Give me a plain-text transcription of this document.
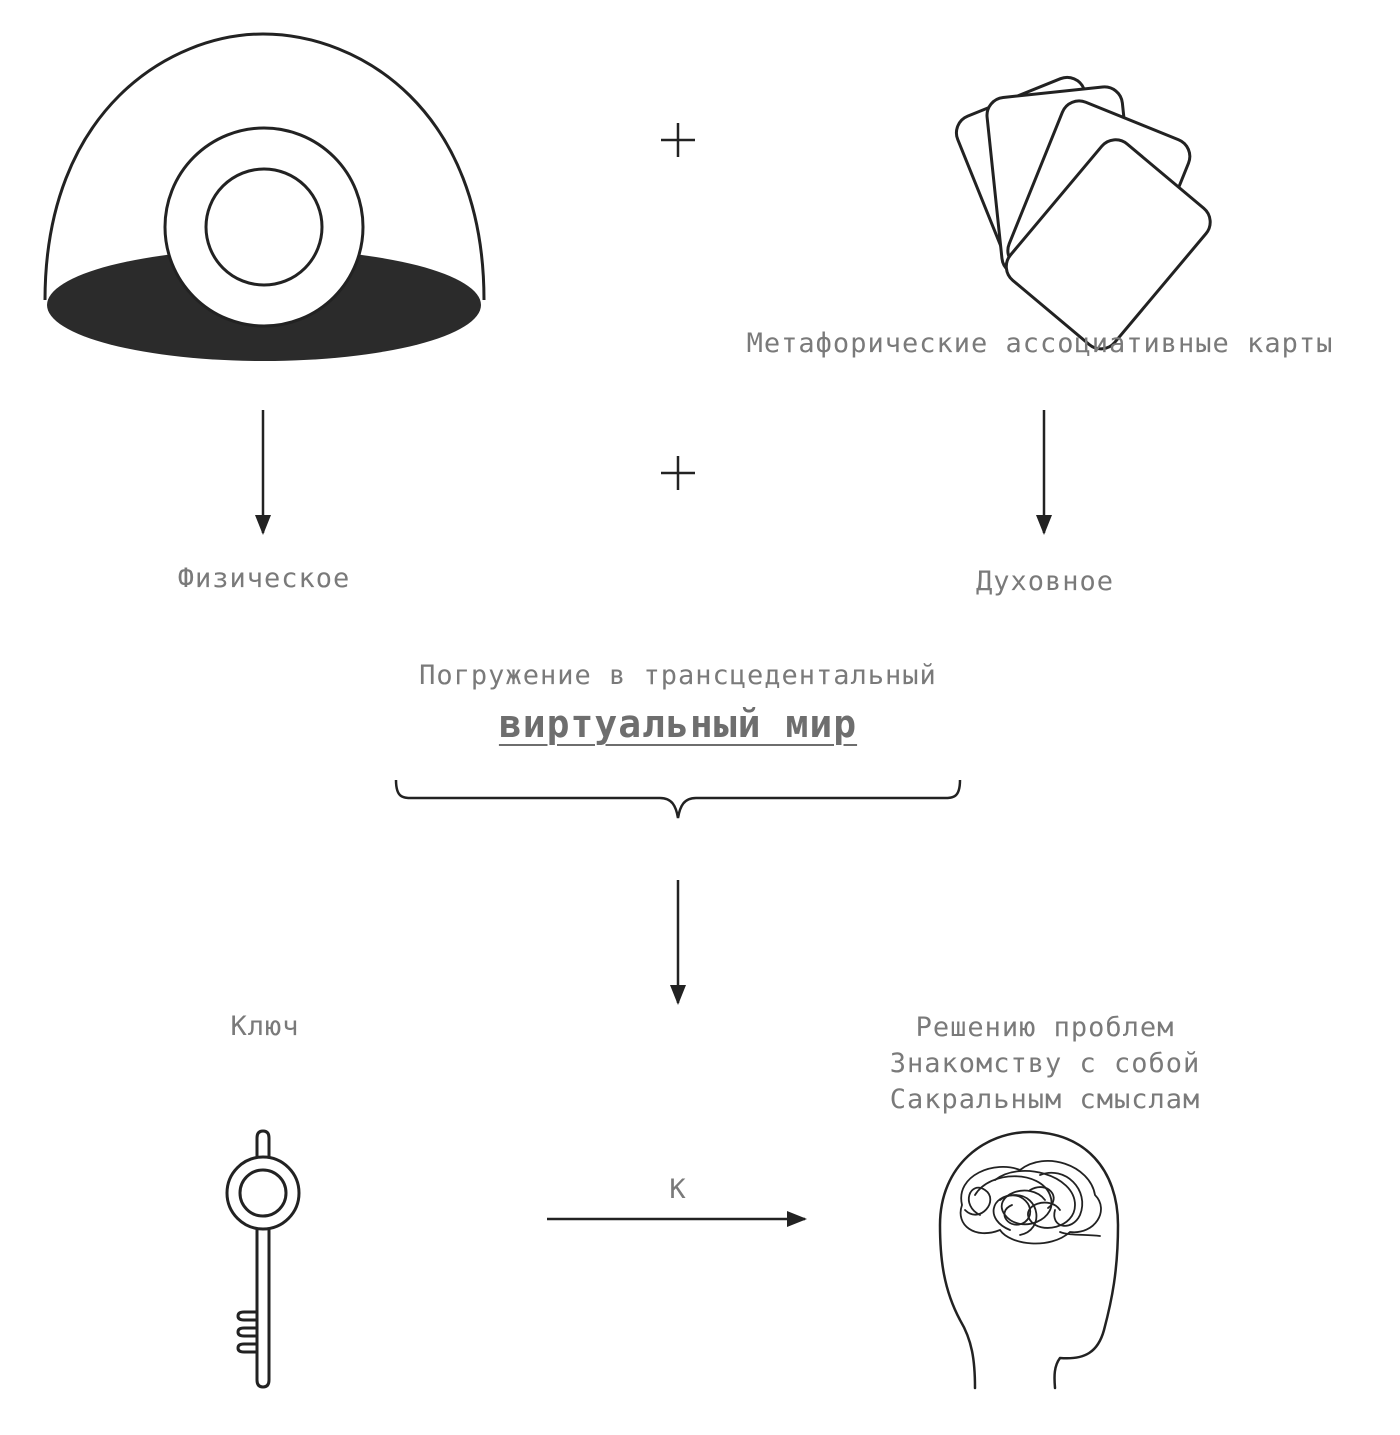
Метафорические ассоциативные карты
Физическое	Духовное
Погружение в трансцедентальный
виртуальный мир
Ключ
К
Решению проблем
Знакомству с собой
Сакральным смыслам
